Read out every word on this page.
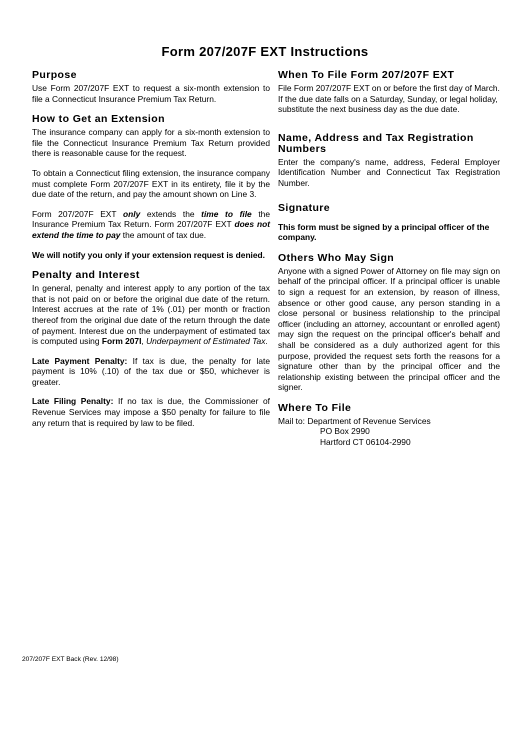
Form 207/207F EXT Instructions
Purpose

Use Form 207/207F EXT to request a six-month extension to file a Connecticut Insurance Premium Tax Return.

How to Get an Extension

The insurance company can apply for a six-month extension to file the Connecticut Insurance Premium Tax Return provided there is reasonable cause for the request.

To obtain a Connecticut filing extension, the insurance company must complete Form 207/207F EXT in its entirety, file it by the due date of the return, and pay the amount shown on Line 3.

Form 207/207F EXT only extends the time to file the Insurance Premium Tax Return. Form 207/207F EXT does not extend the time to pay the amount of tax due.

We will notify you only if your extension request is denied.

Penalty and Interest

In general, penalty and interest apply to any portion of the tax that is not paid on or before the original due date of the return. Interest accrues at the rate of 1% (.01) per month or fraction thereof from the original due date of the return through the date of payment. Interest due on the underpayment of estimated tax is computed using Form 207I, Underpayment of Estimated Tax.

Late Payment Penalty: If tax is due, the penalty for late payment is 10% (.10) of the tax due or $50, whichever is greater.

Late Filing Penalty: If no tax is due, the Commissioner of Revenue Services may impose a $50 penalty for failure to file any return that is required by law to be filed.

When To File Form 207/207F EXT

File Form 207/207F EXT on or before the first day of March. If the due date falls on a Saturday, Sunday, or legal holiday, substitute the next business day as the due date.

Name, Address and Tax Registration Numbers

Enter the company's name, address, Federal Employer Identification Number and Connecticut Tax Registration Number.

Signature

This form must be signed by a principal officer of the company.

Others Who May Sign

Anyone with a signed Power of Attorney on file may sign on behalf of the principal officer. If a principal officer is unable to sign a request for an extension, by reason of illness, absence or other good cause, any person standing in a close personal or business relationship to the principal officer (including an attorney, accountant or enrolled agent) may sign the request on the principal officer's behalf and shall be considered as a duly authorized agent for this purpose, provided the request sets forth the reasons for a signature other than by the principal officer and the relationship existing between the principal officer and the signer.

Where To File
Mail to: Department of Revenue Services
PO Box 2990
Hartford CT 06104-2990
207/207F EXT Back (Rev. 12/98)
